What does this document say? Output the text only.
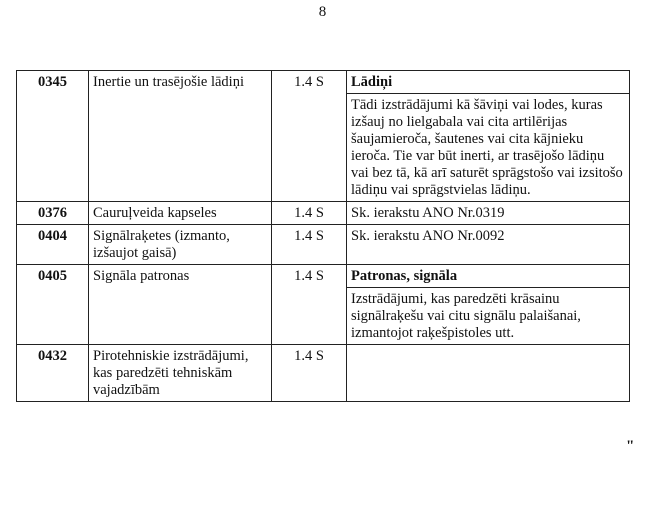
8
0345	Inertie un trasējošie lādiņi	1.4 S	Lādiņi
			Tādi izstrādājumi kā šāviņi vai lodes, kuras izšauj no lielgabala vai cita artilērijas šaujamieroča, šautenes vai cita kājnieku ieroča. Tie var būt inerti, ar trasējošo lādiņu vai bez tā, kā arī saturēt sprāgstošo vai izsitošo lādiņu vai sprāgstvielas lādiņu.
0376	Cauruļveida kapseles	1.4 S	Sk. ierakstu ANO Nr.0319
0404	Signālraķetes (izmanto, izšaujot gaisā)	1.4 S	Sk. ierakstu ANO Nr.0092
0405	Signāla patronas	1.4 S	Patronas, signāla
			Izstrādājumi, kas paredzēti krāsainu signālraķešu vai citu signālu palaišanai, izmantojot raķešpistoles utt.
0432	Pirotehniskie izstrādājumi, kas paredzēti tehniskām vajadzībām	1.4 S	
"
